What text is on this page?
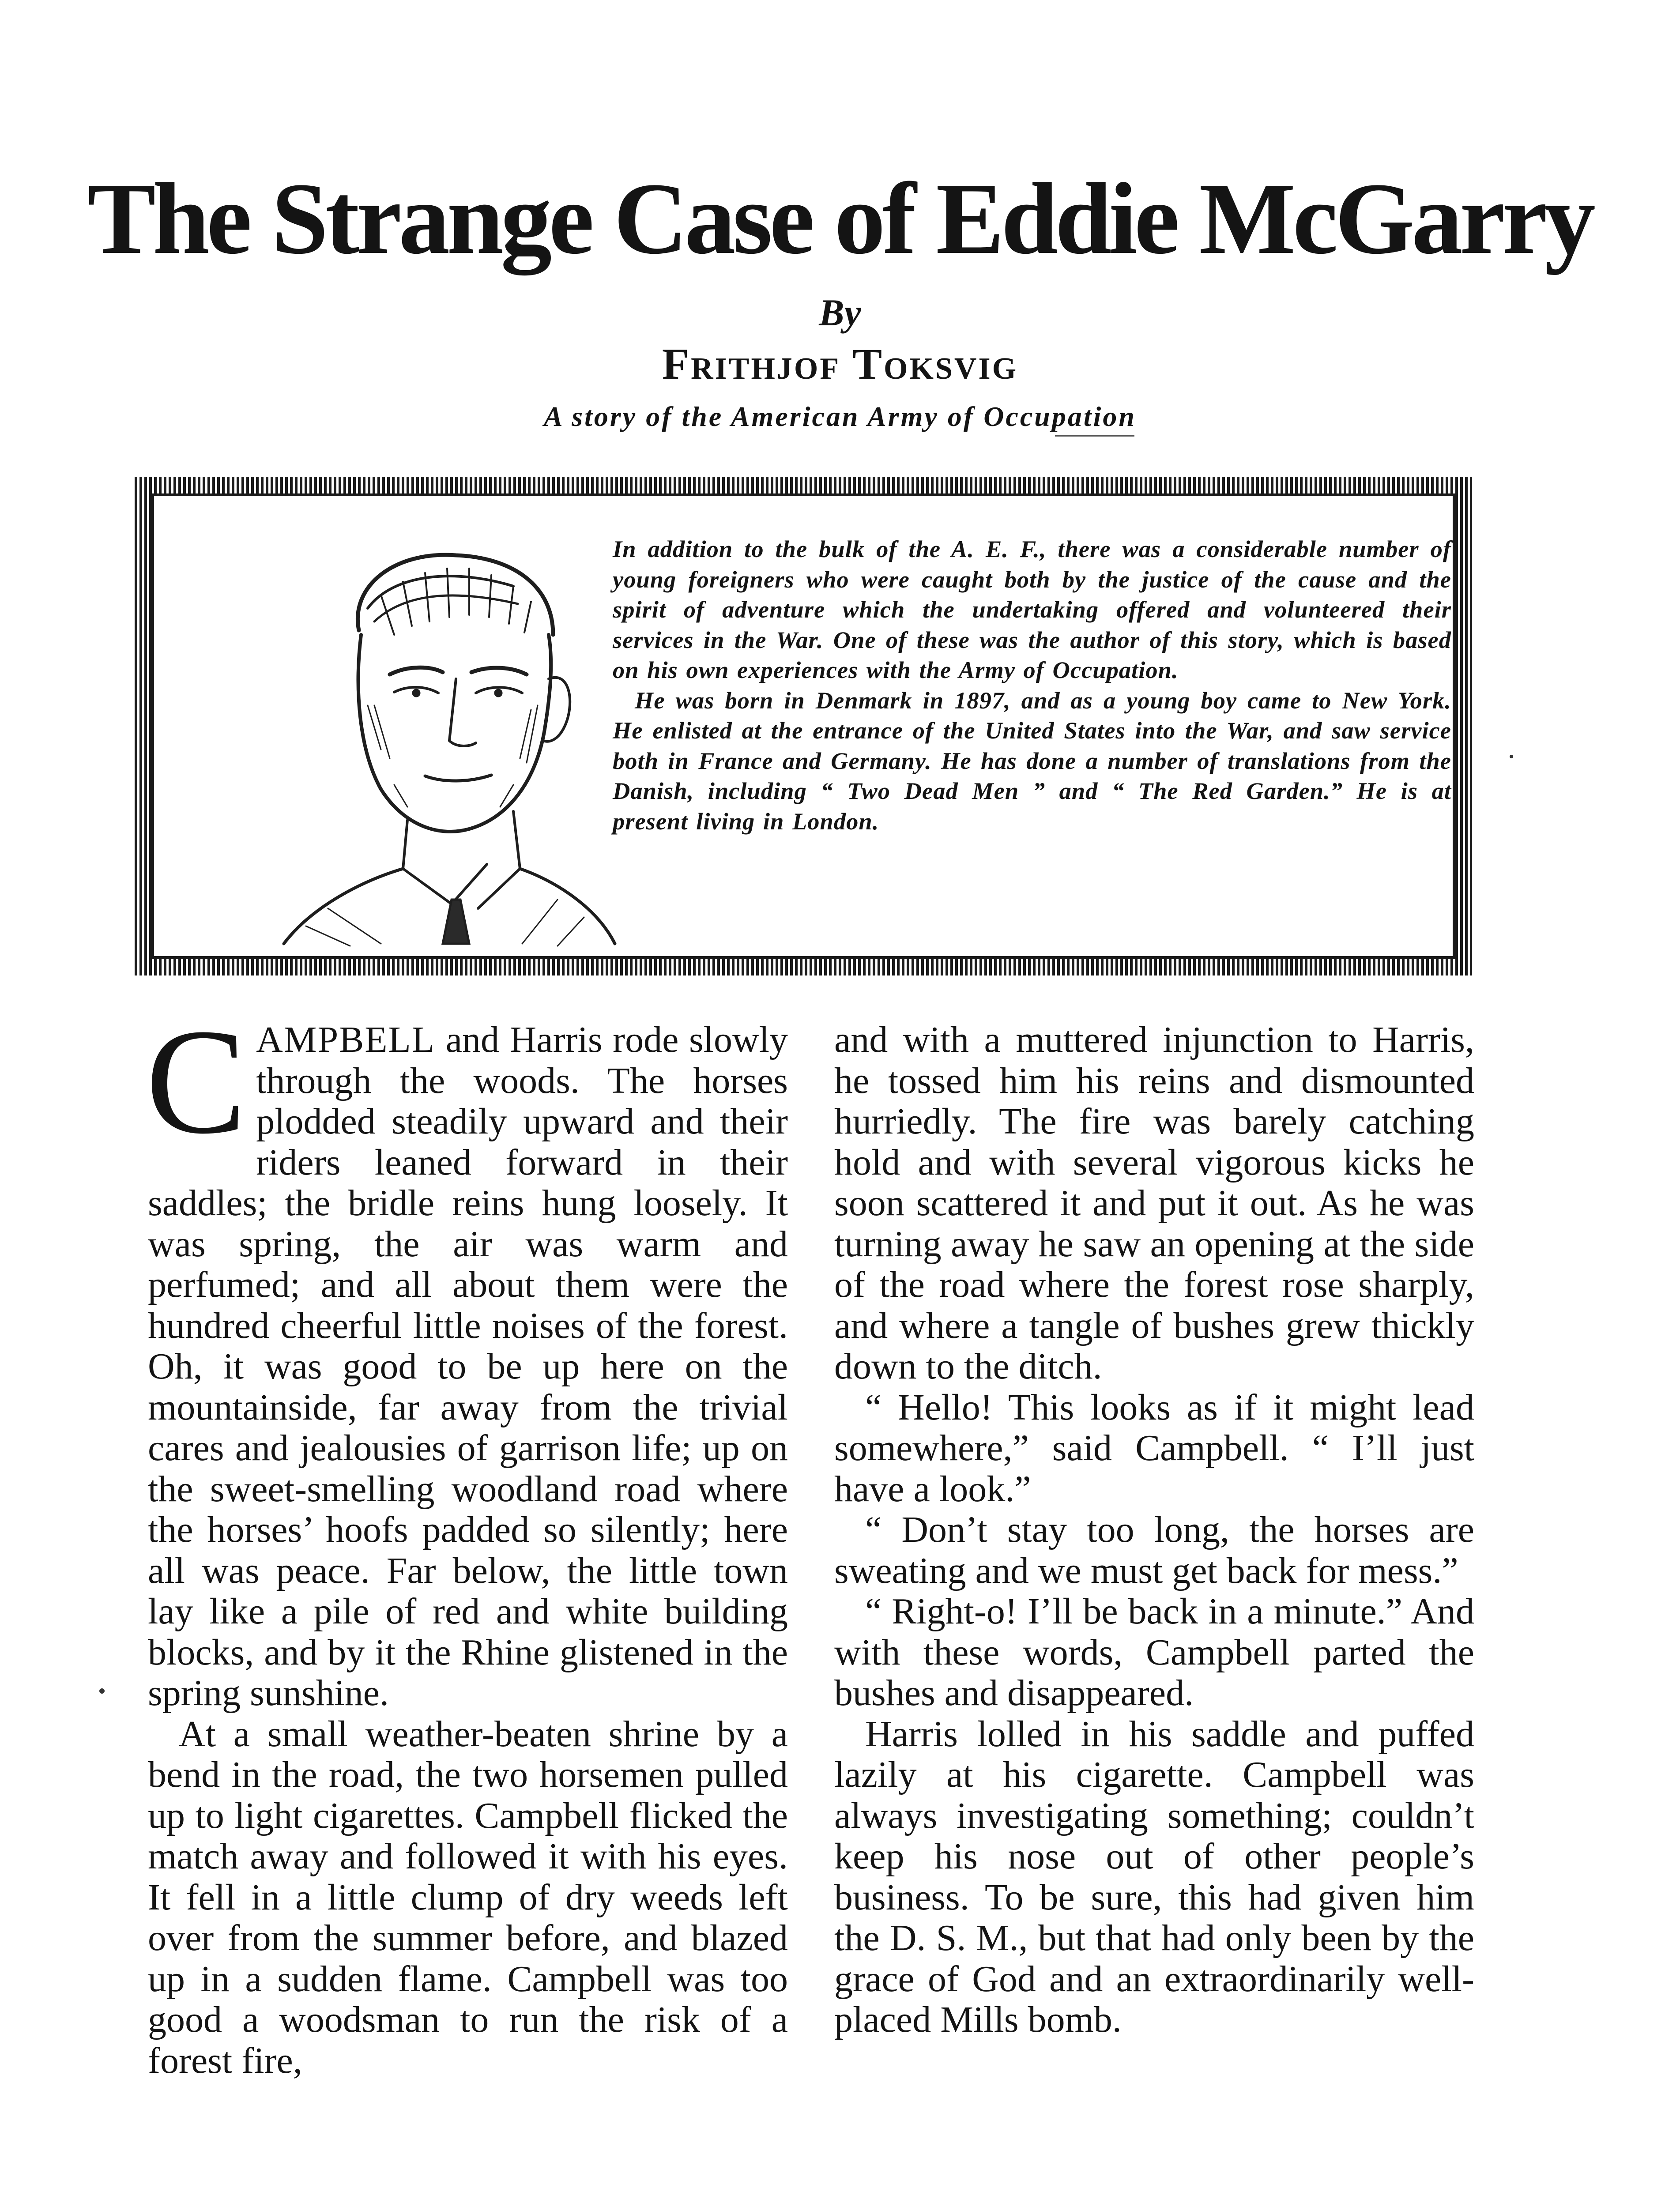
The Strange Case of Eddie McGarry
By
Frithjof Toksvig
A story of the American Army of Occupation

In addition to the bulk of the A. E. F., there was a considerable number of young foreigners who were caught both by the justice of the cause and the spirit of adventure which the undertaking offered and volunteered their services in the War. One of these was the author of this story, which is based on his own experiences with the Army of Occupation.

He was born in Denmark in 1897, and as a young boy came to New York. He enlisted at the entrance of the United States into the War, and saw service both in France and Germany. He has done a number of translations from the Danish, including “ Two Dead Men ” and “ The Red Garden.” He is at present living in London.

CAMPBELL and Harris rode slowly through the woods. The horses plodded steadily upward and their riders leaned forward in their saddles; the bridle reins hung loosely. It was spring, the air was warm and perfumed; and all about them were the hundred cheerful little noises of the forest. Oh, it was good to be up here on the mountainside, far away from the trivial cares and jealousies of garrison life; up on the sweet-smelling woodland road where the horses’ hoofs padded so silently; here all was peace. Far below, the little town lay like a pile of red and white building blocks, and by it the Rhine glistened in the spring sunshine.

At a small weather-beaten shrine by a bend in the road, the two horsemen pulled up to light cigarettes. Campbell flicked the match away and followed it with his eyes. It fell in a little clump of dry weeds left over from the summer before, and blazed up in a sudden flame. Campbell was too good a woodsman to run the risk of a forest fire,

and with a muttered injunction to Harris, he tossed him his reins and dismounted hurriedly. The fire was barely catching hold and with several vigorous kicks he soon scattered it and put it out. As he was turning away he saw an opening at the side of the road where the forest rose sharply, and where a tangle of bushes grew thickly down to the ditch.

“ Hello! This looks as if it might lead somewhere,” said Campbell. “ I’ll just have a look.”

“ Don’t stay too long, the horses are sweating and we must get back for mess.”

“ Right-o! I’ll be back in a minute.” And with these words, Campbell parted the bushes and disappeared.

Harris lolled in his saddle and puffed lazily at his cigarette. Campbell was always investigating something; couldn’t keep his nose out of other people’s business. To be sure, this had given him the D. S. M., but that had only been by the grace of God and an extraordinarily well-placed Mills bomb.
